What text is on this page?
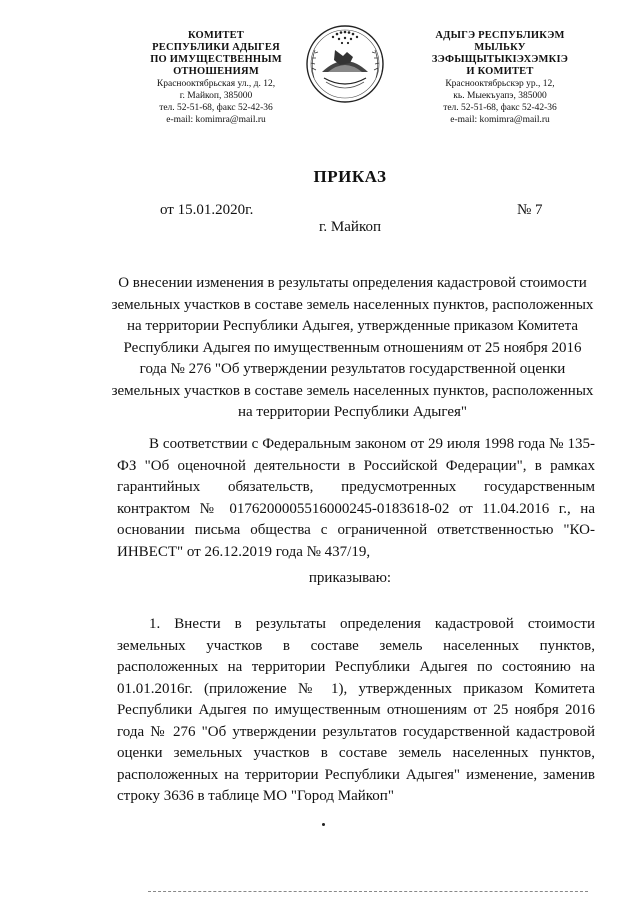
КОМИТЕТ
РЕСПУБЛИКИ АДЫГЕЯ
ПО ИМУЩЕСТВЕННЫМ ОТНОШЕНИЯМ
Краснооктябрьская ул., д. 12,
г. Майкоп, 385000
тел. 52-51-68, факс 52-42-36
e-mail: komimra@mail.ru
АДЫГЭ РЕСПУБЛИКЭМ
МЫЛЬКУ ЗЭФЫЩЫТЫКIЭХЭМКIЭ
И КОМИТЕТ
Краснооктябрьскэр ур., 12,
кь. Мыекъуапэ, 385000
тел. 52-51-68, факс 52-42-36
e-mail: komimra@mail.ru
ПРИКАЗ
от 15.01.2020г.	№ 7
г. Майкоп
О внесении изменения в результаты определения кадастровой стоимости земельных участков в составе земель населенных пунктов, расположенных на территории Республики Адыгея, утвержденные приказом Комитета Республики Адыгея по имущественным отношениям от 25 ноября 2016 года № 276 "Об утверждении результатов государственной оценки земельных участков в составе земель населенных пунктов, расположенных на территории Республики Адыгея"

В соответствии с Федеральным законом от 29 июля 1998 года № 135-ФЗ "Об оценочной деятельности в Российской Федерации", в рамках гарантийных обязательств, предусмотренных государственным контрактом № 0176200005516000245-0183618-02 от 11.04.2016 г., на основании письма общества с ограниченной ответственностью "КО-ИНВЕСТ" от 26.12.2019 года № 437/19,

приказываю:

1. Внести в результаты определения кадастровой стоимости земельных участков в составе земель населенных пунктов, расположенных на территории Республики Адыгея по состоянию на 01.01.2016г. (приложение № 1), утвержденных приказом Комитета Республики Адыгея по имущественным отношениям от 25 ноября 2016 года № 276 "Об утверждении результатов государственной кадастровой оценки земельных участков в составе земель населенных пунктов, расположенных на территории Республики Адыгея" изменение, заменив строку 3636 в таблице МО "Город Майкоп"
